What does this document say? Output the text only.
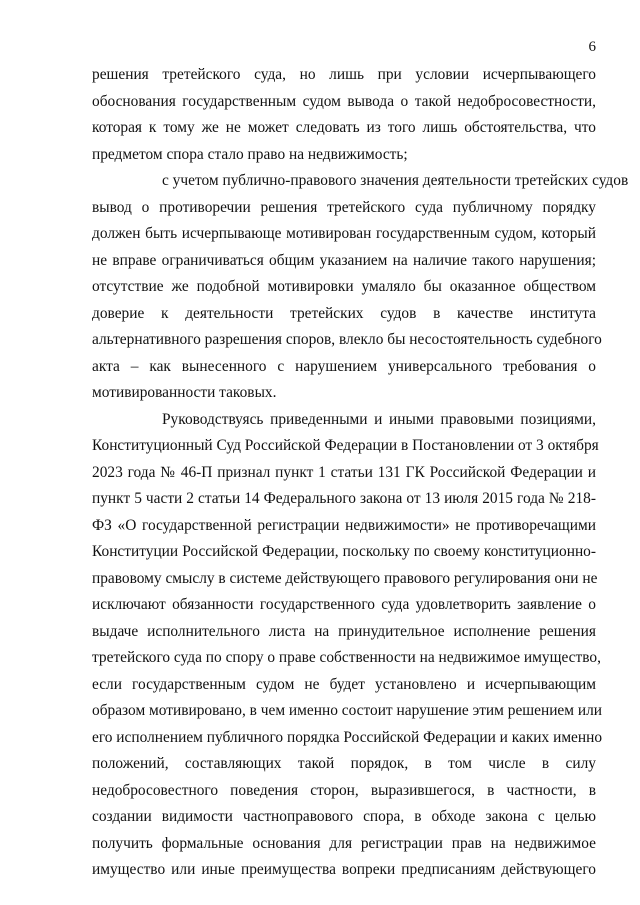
6
решения третейского суда, но лишь при условии исчерпывающего
обоснования государственным судом вывода о такой недобросовестности,
которая к тому же не может следовать из того лишь обстоятельства, что
предметом спора стало право на недвижимость;
с учетом публично-правового значения деятельности третейских судов
вывод о противоречии решения третейского суда публичному порядку
должен быть исчерпывающе мотивирован государственным судом, который
не вправе ограничиваться общим указанием на наличие такого нарушения;
отсутствие же подобной мотивировки умаляло бы оказанное обществом
доверие к деятельности третейских судов в качестве института
альтернативного разрешения споров, влекло бы несостоятельность судебного
акта – как вынесенного с нарушением универсального требования о
мотивированности таковых.
Руководствуясь приведенными и иными правовыми позициями,
Конституционный Суд Российской Федерации в Постановлении от 3 октября
2023 года № 46-П признал пункт 1 статьи 131 ГК Российской Федерации и
пункт 5 части 2 статьи 14 Федерального закона от 13 июля 2015 года № 218-
ФЗ «О государственной регистрации недвижимости» не противоречащими
Конституции Российской Федерации, поскольку по своему конституционно-
правовому смыслу в системе действующего правового регулирования они не
исключают обязанности государственного суда удовлетворить заявление о
выдаче исполнительного листа на принудительное исполнение решения
третейского суда по спору о праве собственности на недвижимое имущество,
если государственным судом не будет установлено и исчерпывающим
образом мотивировано, в чем именно состоит нарушение этим решением или
его исполнением публичного порядка Российской Федерации и каких именно
положений, составляющих такой порядок, в том числе в силу
недобросовестного поведения сторон, выразившегося, в частности, в
создании видимости частноправового спора, в обходе закона с целью
получить формальные основания для регистрации прав на недвижимое
имущество или иные преимущества вопреки предписаниям действующего
